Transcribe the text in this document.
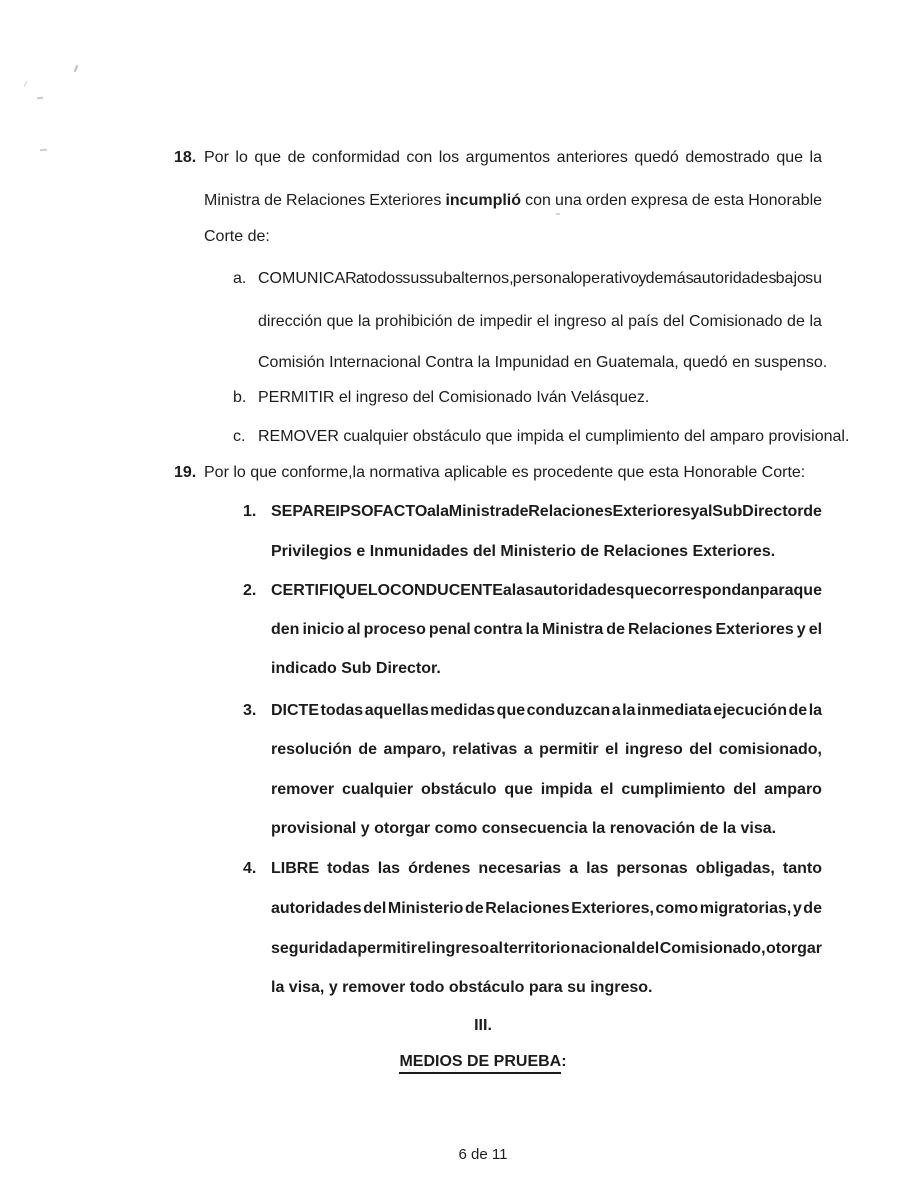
18. Por lo que de conformidad con los argumentos anteriores quedó demostrado que la
Ministra de Relaciones Exteriores incumplió con una orden expresa de esta Honorable
Corte de:
a. COMUNICAR a todos sus subalternos, personal operativo y demás autoridades bajo su
dirección que la prohibición de impedir el ingreso al país del Comisionado de la
Comisión Internacional Contra la Impunidad en Guatemala, quedó en suspenso.
b. PERMITIR el ingreso del Comisionado Iván Velásquez.
c. REMOVER cualquier obstáculo que impida el cumplimiento del amparo provisional.
19. Por lo que conforme,la normativa aplicable es procedente que esta Honorable Corte:
1. SEPARE IPSO FACTO a la Ministra de Relaciones Exteriores y al Sub Director de
Privilegios e Inmunidades del Ministerio de Relaciones Exteriores.
2. CERTIFIQUE LO CONDUCENTE a las autoridades que correspondan para que
den inicio al proceso penal contra la Ministra de Relaciones Exteriores y el
indicado Sub Director.
3. DICTE todas aquellas medidas que conduzcan a la inmediata ejecución de la
resolución de amparo, relativas a permitir el ingreso del comisionado,
remover cualquier obstáculo que impida el cumplimiento del amparo
provisional y otorgar como consecuencia la renovación de la visa.
4. LIBRE todas las órdenes necesarias a las personas obligadas, tanto
autoridades del Ministerio de Relaciones Exteriores, como migratorias, y de
seguridad a permitir el ingreso al territorio nacional del Comisionado, otorgar
la visa, y remover todo obstáculo para su ingreso.
III.
MEDIOS DE PRUEBA:
6 de 11
